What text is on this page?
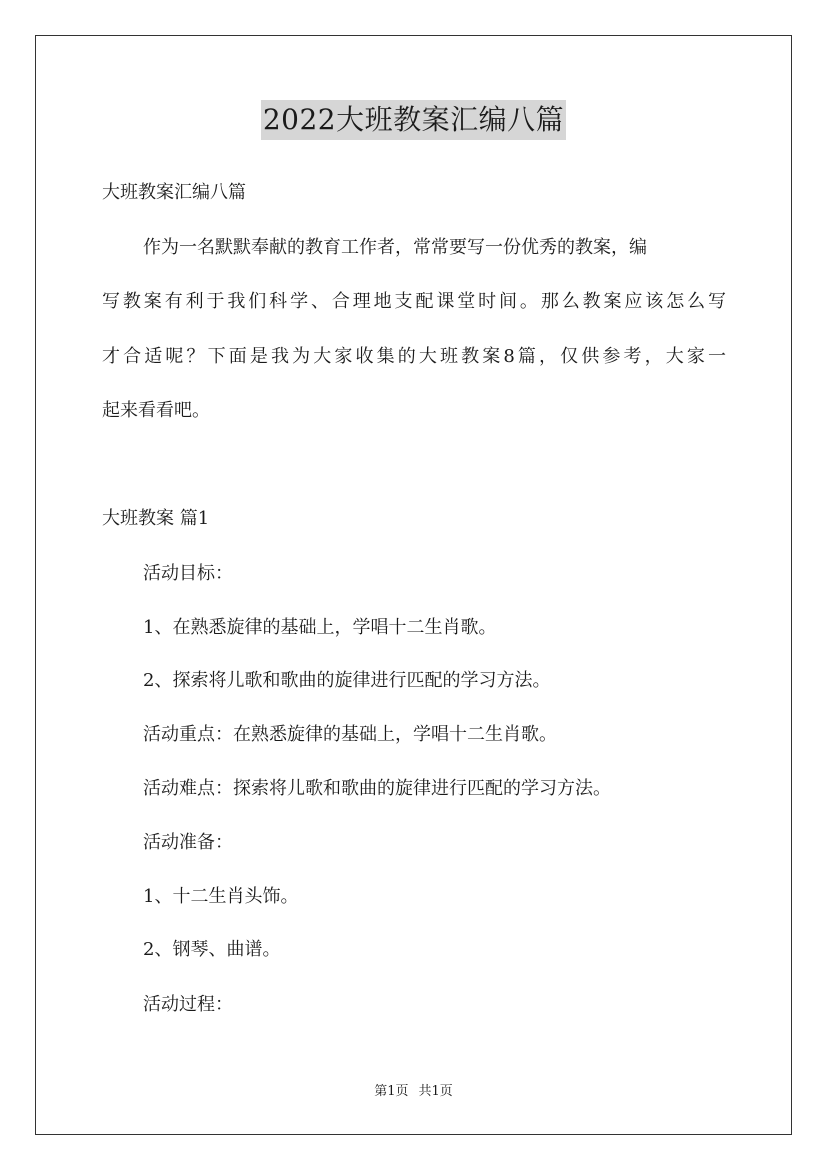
2022大班教案汇编八篇
大班教案汇编八篇
作为一名默默奉献的教育工作者，常常要写一份优秀的教案，编
写教案有利于我们科学、合理地支配课堂时间。那么教案应该怎么写
才合适呢？下面是我为大家收集的大班教案8篇，仅供参考，大家一
起来看看吧。
大班教案 篇1
活动目标：
1、在熟悉旋律的基础上，学唱十二生肖歌。
2、探索将儿歌和歌曲的旋律进行匹配的学习方法。
活动重点：在熟悉旋律的基础上，学唱十二生肖歌。
活动难点：探索将儿歌和歌曲的旋律进行匹配的学习方法。
活动准备：
1、十二生肖头饰。
2、钢琴、曲谱。
活动过程：
第1页 共1页
